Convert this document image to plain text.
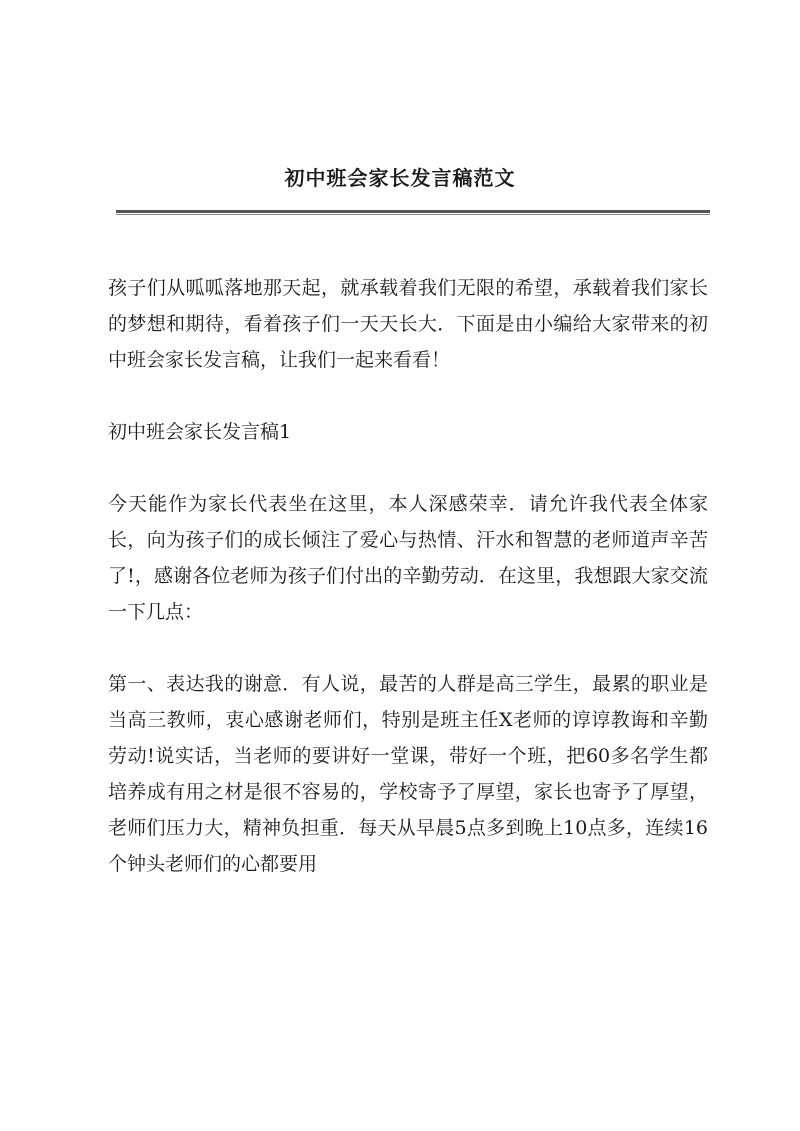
初中班会家长发言稿范文

孩子们从呱呱落地那天起，就承载着我们无限的希望，承载着我们家长的梦想和期待，看着孩子们一天天长大．下面是由小编给大家带来的初中班会家长发言稿，让我们一起来看看！

初中班会家长发言稿1

今天能作为家长代表坐在这里，本人深感荣幸．请允许我代表全体家长，向为孩子们的成长倾注了爱心与热情、汗水和智慧的老师道声辛苦了!，感谢各位老师为孩子们付出的辛勤劳动．在这里，我想跟大家交流一下几点：

第一、表达我的谢意．有人说，最苦的人群是高三学生，最累的职业是当高三教师，衷心感谢老师们，特别是班主任X老师的谆谆教诲和辛勤劳动!说实话，当老师的要讲好一堂课，带好一个班，把60多名学生都培养成有用之材是很不容易的，学校寄予了厚望，家长也寄予了厚望，老师们压力大，精神负担重．每天从早晨5点多到晚上10点多，连续16个钟头老师们的心都要用
